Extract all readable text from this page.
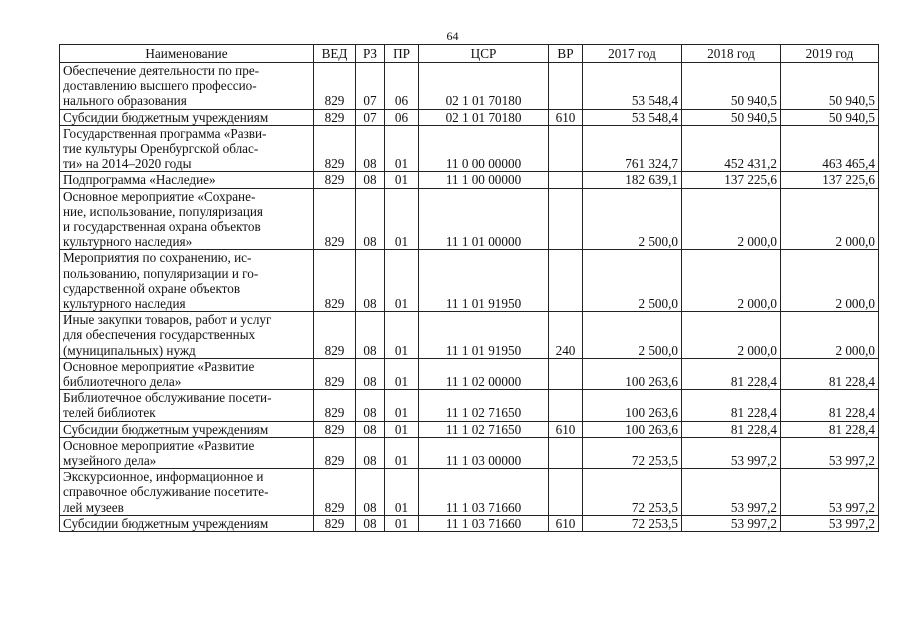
64
Наименование	ВЕД	РЗ	ПР	ЦСР	ВР	2017 год	2018 год	2019 год
Обеспечение деятельности по пре-
доставлению высшего профессио-
нального образования	829	07	06	02 1 01 70180		53 548,4	50 940,5	50 940,5
Субсидии бюджетным учреждениям	829	07	06	02 1 01 70180	610	53 548,4	50 940,5	50 940,5
Государственная программа «Разви-
тие культуры Оренбургской облас-
ти» на 2014–2020 годы	829	08	01	11 0 00 00000		761 324,7	452 431,2	463 465,4
Подпрограмма «Наследие»	829	08	01	11 1 00 00000		182 639,1	137 225,6	137 225,6
Основное мероприятие «Сохране-
ние, использование, популяризация
и государственная охрана объектов
культурного наследия»	829	08	01	11 1 01 00000		2 500,0	2 000,0	2 000,0
Мероприятия по сохранению, ис-
пользованию, популяризации и го-
сударственной охране объектов
культурного наследия	829	08	01	11 1 01 91950		2 500,0	2 000,0	2 000,0
Иные закупки товаров, работ и услуг
для обеспечения государственных
(муниципальных) нужд	829	08	01	11 1 01 91950	240	2 500,0	2 000,0	2 000,0
Основное мероприятие «Развитие
библиотечного дела»	829	08	01	11 1 02 00000		100 263,6	81 228,4	81 228,4
Библиотечное обслуживание посети-
телей библиотек	829	08	01	11 1 02 71650		100 263,6	81 228,4	81 228,4
Субсидии бюджетным учреждениям	829	08	01	11 1 02 71650	610	100 263,6	81 228,4	81 228,4
Основное мероприятие «Развитие
музейного дела»	829	08	01	11 1 03 00000		72 253,5	53 997,2	53 997,2
Экскурсионное, информационное и
справочное обслуживание посетите-
лей музеев	829	08	01	11 1 03 71660		72 253,5	53 997,2	53 997,2
Субсидии бюджетным учреждениям	829	08	01	11 1 03 71660	610	72 253,5	53 997,2	53 997,2
